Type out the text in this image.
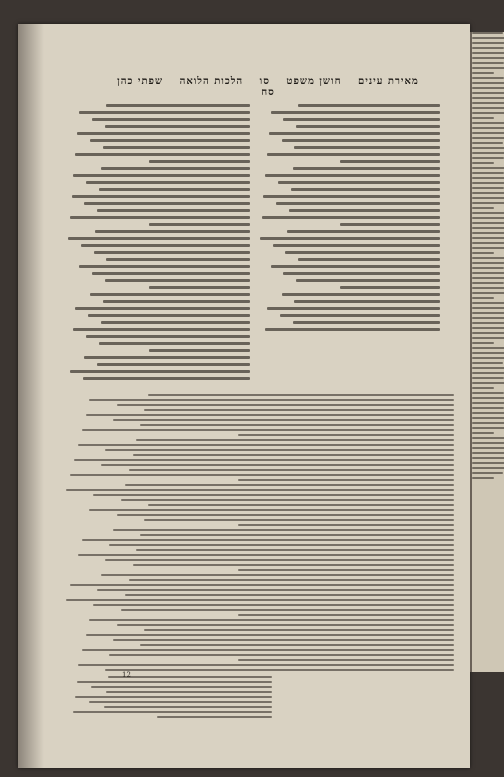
מאירת עינים חושן משפט סו הלכות הלואה שפתי כהן סח
12
